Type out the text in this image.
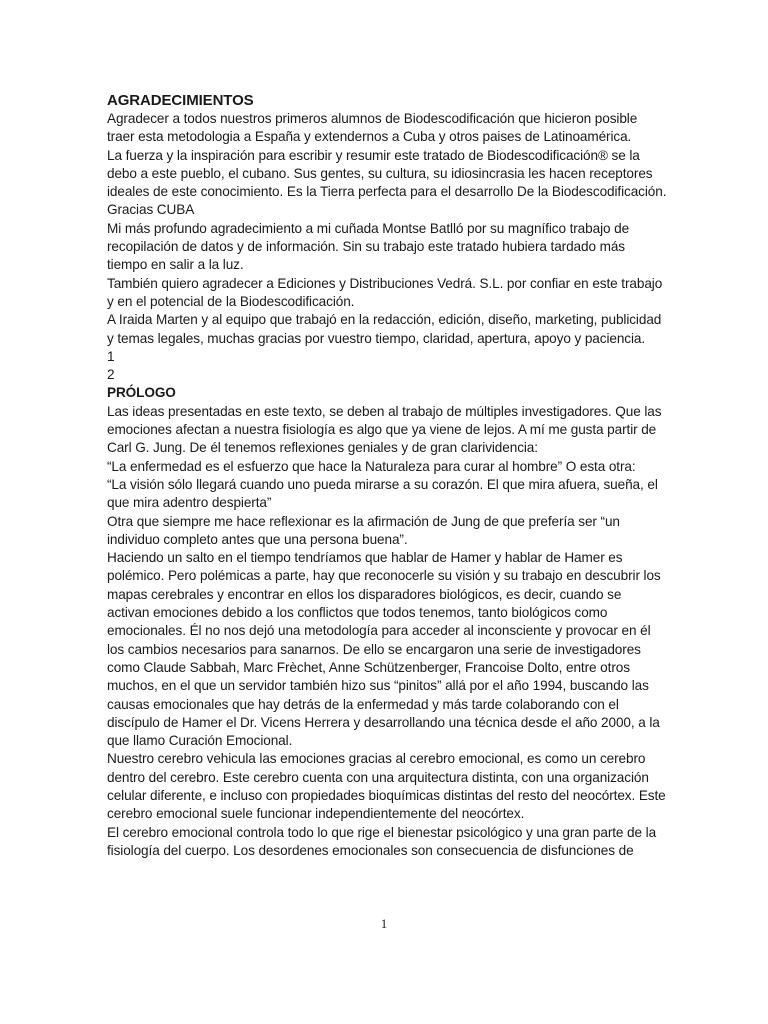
AGRADECIMIENTOS

Agradecer a todos nuestros primeros alumnos de Biodescodificación que hicieron posible traer esta metodologia a España y extendernos a Cuba y otros paises de Latinoamérica.

La fuerza y la inspiración para escribir y resumir este tratado de Biodescodificación® se la debo a este pueblo, el cubano. Sus gentes, su cultura, su idiosincrasia les hacen receptores ideales de este conocimiento. Es la Tierra perfecta para el desarrollo De la Biodescodificación. Gracias CUBA

Mi más profundo agradecimiento a mi cuñada Montse Batlló por su magnífico trabajo de recopilación de datos y de información. Sin su trabajo este tratado hubiera tardado más tiempo en salir a la luz.

También quiero agradecer a Ediciones y Distribuciones Vedrá. S.L. por confiar en este trabajo y en el potencial de la Biodescodificación.

A Iraida Marten y al equipo que trabajó en la redacción, edición, diseño, marketing, publicidad y temas legales, muchas gracias por vuestro tiempo, claridad, apertura, apoyo y paciencia.

1

2

PRÓLOGO

Las ideas presentadas en este texto, se deben al trabajo de múltiples investigadores. Que las emociones afectan a nuestra fisiología es algo que ya viene de lejos. A mí me gusta partir de Carl G. Jung. De él tenemos reflexiones geniales y de gran clarividencia:

“La enfermedad es el esfuerzo que hace la Naturaleza para curar al hombre” O esta otra:

“La visión sólo llegará cuando uno pueda mirarse a su corazón. El que mira afuera, sueña, el que mira adentro despierta”

Otra que siempre me hace reflexionar es la afirmación de Jung de que prefería ser “un individuo completo antes que una persona buena”.

Haciendo un salto en el tiempo tendríamos que hablar de Hamer y hablar de Hamer es polémico. Pero polémicas a parte, hay que reconocerle su visión y su trabajo en descubrir los mapas cerebrales y encontrar en ellos los disparadores biológicos, es decir, cuando se activan emociones debido a los conflictos que todos tenemos, tanto biológicos como emocionales. Él no nos dejó una metodología para acceder al inconsciente y provocar en él los cambios necesarios para sanarnos. De ello se encargaron una serie de investigadores como Claude Sabbah, Marc Frèchet, Anne Schützenberger, Francoise Dolto, entre otros muchos, en el que un servidor también hizo sus “pinitos” allá por el año 1994, buscando las causas emocionales que hay detrás de la enfermedad y más tarde colaborando con el discípulo de Hamer el Dr. Vicens Herrera y desarrollando una técnica desde el año 2000, a la que llamo Curación Emocional.

Nuestro cerebro vehicula las emociones gracias al cerebro emocional, es como un cerebro dentro del cerebro. Este cerebro cuenta con una arquitectura distinta, con una organización celular diferente, e incluso con propiedades bioquímicas distintas del resto del neocórtex. Este cerebro emocional suele funcionar independientemente del neocórtex.

El cerebro emocional controla todo lo que rige el bienestar psicológico y una gran parte de la fisiología del cuerpo. Los desordenes emocionales son consecuencia de disfunciones de

1
